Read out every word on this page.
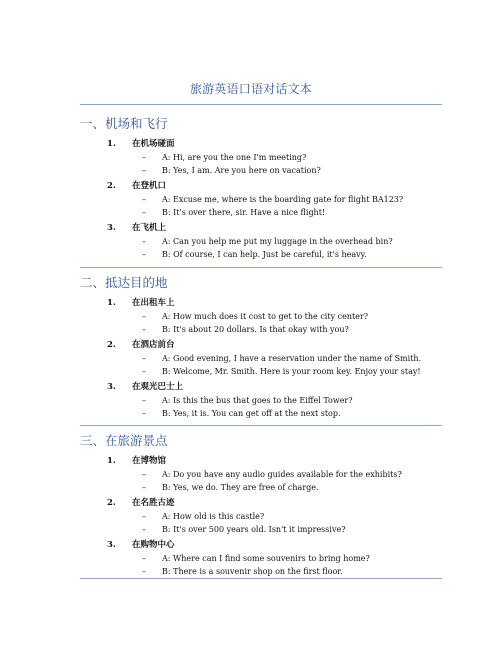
旅游英语口语对话文本
一、机场和飞行
1.	在机场碰面
–	A: Hi, are you the one I'm meeting?
–	B: Yes, I am. Are you here on vacation?
2.	在登机口
–	A: Excuse me, where is the boarding gate for flight BA123?
–	B: It's over there, sir. Have a nice flight!
3.	在飞机上
–	A: Can you help me put my luggage in the overhead bin?
–	B: Of course, I can help. Just be careful, it's heavy.
二、抵达目的地
1.	在出租车上
–	A: How much does it cost to get to the city center?
–	B: It's about 20 dollars. Is that okay with you?
2.	在酒店前台
–	A: Good evening, I have a reservation under the name of Smith.
–	B: Welcome, Mr. Smith. Here is your room key. Enjoy your stay!
3.	在观光巴士上
–	A: Is this the bus that goes to the Eiffel Tower?
–	B: Yes, it is. You can get off at the next stop.
三、在旅游景点
1.	在博物馆
–	A: Do you have any audio guides available for the exhibits?
–	B: Yes, we do. They are free of charge.
2.	在名胜古迹
–	A: How old is this castle?
–	B: It's over 500 years old. Isn't it impressive?
3.	在购物中心
–	A: Where can I find some souvenirs to bring home?
–	B: There is a souvenir shop on the first floor.
